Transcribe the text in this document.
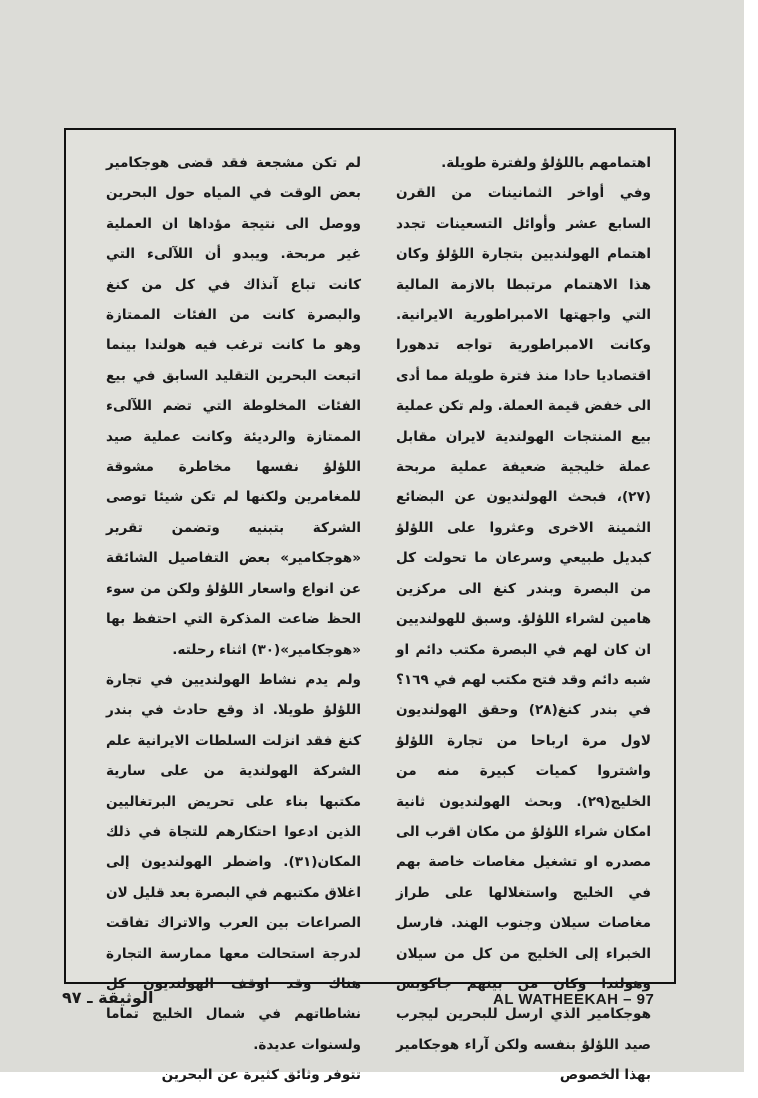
اهتمامهم باللؤلؤ ولفترة طويلة.

وفي أواخر الثمانينات من القرن السابع عشر وأوائل التسعينات تجدد اهتمام الهولنديين بتجارة اللؤلؤ وكان هذا الاهتمام مرتبطا بالازمة المالية التي واجهتها الامبراطورية الايرانية. وكانت الامبراطورية تواجه تدهورا اقتصاديا حادا منذ فترة طويلة مما أدى الى خفض قيمة العملة. ولم تكن عملية بيع المنتجات الهولندية لايران مقابل عملة خليجية ضعيفة عملية مربحة (٢٧)، فبحث الهولنديون عن البضائع الثمينة الاخرى وعثروا على اللؤلؤ كبديل طبيعي وسرعان ما تحولت كل من البصرة وبندر كنغ الى مركزين هامين لشراء اللؤلؤ. وسبق للهولنديين ان كان لهم في البصرة مكتب دائم او شبه دائم وقد فتح مكتب لهم في ١٦٩؟ في بندر كنغ(٢٨) وحقق الهولنديون لاول مرة ارباحا من تجارة اللؤلؤ واشتروا كميات كبيرة منه من الخليج(٢٩). وبحث الهولنديون ثانية امكان شراء اللؤلؤ من مكان اقرب الى مصدره او تشغيل مغاصات خاصة بهم في الخليج واستغلالها على طراز مغاصات سيلان وجنوب الهند. فارسل الخبراء إلى الخليج من كل من سيلان وهولندا وكان من بينهم جاكوبس هوجكامير الذي ارسل للبحرين ليجرب صيد اللؤلؤ بنفسه ولكن آراء هوجكامير بهذا الخصوص

لم تكن مشجعة فقد قضى هوجكامير بعض الوقت في المياه حول البحرين ووصل الى نتيجة مؤداها ان العملية غير مربحة. ويبدو أن اللآلىء التي كانت تباع آنذاك في كل من كنغ والبصرة كانت من الفئات الممتازة وهو ما كانت ترغب فيه هولندا بينما اتبعت البحرين التقليد السابق في بيع الفئات المخلوطة التي تضم اللآلىء الممتازة والرديئة وكانت عملية صيد اللؤلؤ نفسها مخاطرة مشوقة للمغامرين ولكنها لم تكن شيئا توصى الشركة بتبنيه وتضمن تقرير «هوجكامير» بعض التفاصيل الشائقة عن انواع واسعار اللؤلؤ ولكن من سوء الحظ ضاعت المذكرة التي احتفظ بها «هوجكامير»(٣٠) اثناء رحلته.

ولم يدم نشاط الهولنديين في تجارة اللؤلؤ طويلا. اذ وقع حادث في بندر كنغ فقد انزلت السلطات الايرانية علم الشركة الهولندية من على سارية مكتبها بناء على تحريض البرتغاليين الذين ادعوا احتكارهم للتجاة في ذلك المكان(٣١). واضطر الهولنديون إلى اغلاق مكتبهم في البصرة بعد قليل لان الصراعات بين العرب والاتراك تفاقت لدرجة استحالت معها ممارسة التجارة هناك وقد اوقف الهولنديون كل نشاطاتهم في شمال الخليج تماما ولسنوات عديدة.

تتوفر وثائق كثيرة عن البحرين

AL WATHEEKAH – 97
الوثيقة ـ ٩٧
